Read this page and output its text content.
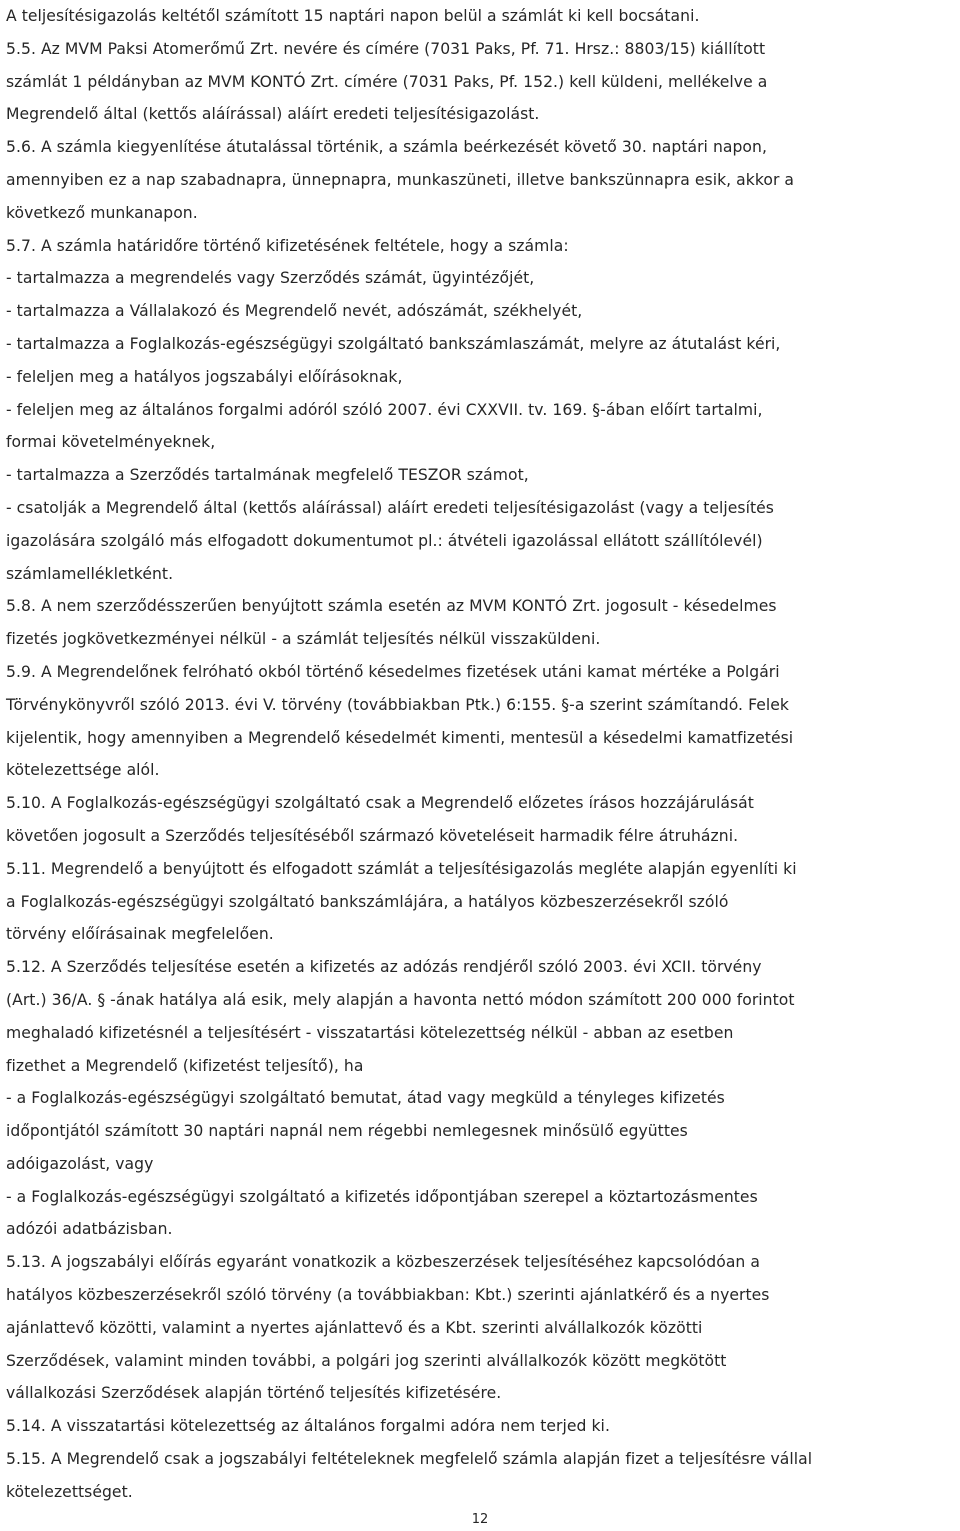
A teljesítésigazolás keltétől számított 15 naptári napon belül a számlát ki kell bocsátani.
5.5. Az MVM Paksi Atomerőmű Zrt. nevére és címére (7031 Paks, Pf. 71. Hrsz.: 8803/15) kiállított
számlát 1 példányban az MVM KONTÓ Zrt. címére (7031 Paks, Pf. 152.) kell küldeni, mellékelve a
Megrendelő által (kettős aláírással) aláírt eredeti teljesítésigazolást.
5.6. A számla kiegyenlítése átutalással történik, a számla beérkezését követő 30. naptári napon,
amennyiben ez a nap szabadnapra, ünnepnapra, munkaszüneti, illetve bankszünnapra esik, akkor a
következő munkanapon.
5.7. A számla határidőre történő kifizetésének feltétele, hogy a számla:
- tartalmazza a megrendelés vagy Szerződés számát, ügyintézőjét,
- tartalmazza a Vállalakozó és Megrendelő nevét, adószámát, székhelyét,
- tartalmazza a Foglalkozás-egészségügyi szolgáltató bankszámlaszámát, melyre az átutalást kéri,
- feleljen meg a hatályos jogszabályi előírásoknak,
- feleljen meg az általános forgalmi adóról szóló 2007. évi CXXVII. tv. 169. §-ában előírt tartalmi,
formai követelményeknek,
- tartalmazza a Szerződés tartalmának megfelelő TESZOR számot,
- csatolják a Megrendelő által (kettős aláírással) aláírt eredeti teljesítésigazolást (vagy a teljesítés
igazolására szolgáló más elfogadott dokumentumot pl.: átvételi igazolással ellátott szállítólevél)
számlamellékletként.
5.8. A nem szerződésszerűen benyújtott számla esetén az MVM KONTÓ Zrt. jogosult - késedelmes
fizetés jogkövetkezményei nélkül - a számlát teljesítés nélkül visszaküldeni.
5.9. A Megrendelőnek felróható okból történő késedelmes fizetések utáni kamat mértéke a Polgári
Törvénykönyvről szóló 2013. évi V. törvény (továbbiakban Ptk.) 6:155. §-a szerint számítandó. Felek
kijelentik, hogy amennyiben a Megrendelő késedelmét kimenti, mentesül a késedelmi kamatfizetési
kötelezettsége alól.
5.10. A Foglalkozás-egészségügyi szolgáltató csak a Megrendelő előzetes írásos hozzájárulását
követően jogosult a Szerződés teljesítéséből származó követeléseit harmadik félre átruházni.
5.11. Megrendelő a benyújtott és elfogadott számlát a teljesítésigazolás megléte alapján egyenlíti ki
a Foglalkozás-egészségügyi szolgáltató bankszámlájára, a hatályos közbeszerzésekről szóló
törvény előírásainak megfelelően.
5.12. A Szerződés teljesítése esetén a kifizetés az adózás rendjéről szóló 2003. évi XCII. törvény
(Art.) 36/A. § -ának hatálya alá esik, mely alapján a havonta nettó módon számított 200 000 forintot
meghaladó kifizetésnél a teljesítésért - visszatartási kötelezettség nélkül - abban az esetben
fizethet a Megrendelő (kifizetést teljesítő), ha
- a Foglalkozás-egészségügyi szolgáltató bemutat, átad vagy megküld a tényleges kifizetés
időpontjától számított 30 naptári napnál nem régebbi nemlegesnek minősülő együttes
adóigazolást, vagy
- a Foglalkozás-egészségügyi szolgáltató a kifizetés időpontjában szerepel a köztartozásmentes
adózói adatbázisban.
5.13. A jogszabályi előírás egyaránt vonatkozik a közbeszerzések teljesítéséhez kapcsolódóan a
hatályos közbeszerzésekről szóló törvény (a továbbiakban: Kbt.) szerinti ajánlatkérő és a nyertes
ajánlattevő közötti, valamint a nyertes ajánlattevő és a Kbt. szerinti alvállalkozók közötti
Szerződések, valamint minden további, a polgári jog szerinti alvállalkozók között megkötött
vállalkozási Szerződések alapján történő teljesítés kifizetésére.
5.14. A visszatartási kötelezettség az általános forgalmi adóra nem terjed ki.
5.15. A Megrendelő csak a jogszabályi feltételeknek megfelelő számla alapján fizet a teljesítésre vállal
kötelezettséget.
12
